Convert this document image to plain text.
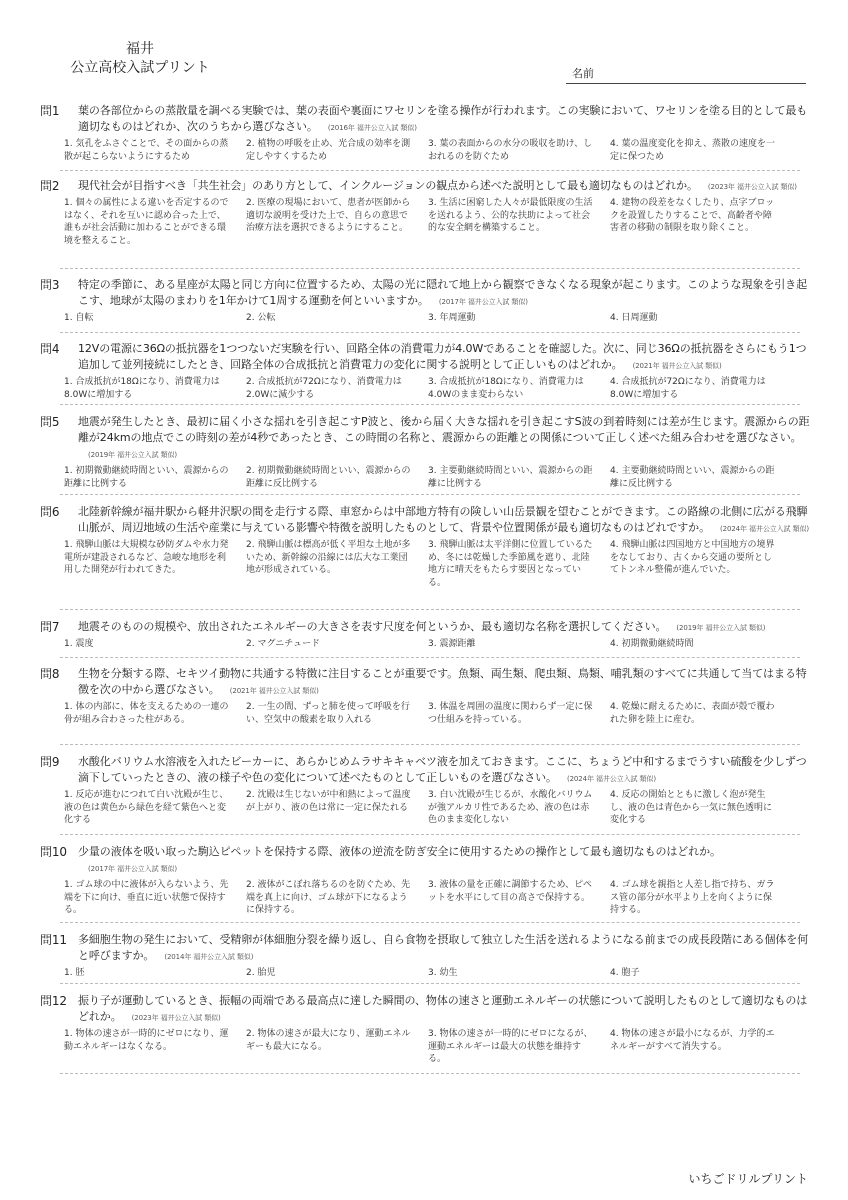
福井
公立高校入試プリント	名前
問1 葉の各部位からの蒸散量を調べる実験では、葉の表面や裏面にワセリンを塗る操作が行われます。この実験において、ワセリンを塗る目的として最も適切なものはどれか、次のうちから選びなさい。 (2016年 福井公立入試 類似)
1. 気孔をふさぐことで、その面からの蒸散が起こらないようにするため
2. 植物の呼吸を止め、光合成の効率を測定しやすくするため
3. 葉の表面からの水分の吸収を助け、しおれるのを防ぐため
4. 葉の温度変化を抑え、蒸散の速度を一定に保つため
問2 現代社会が目指すべき「共生社会」のあり方として、インクルージョンの観点から述べた説明として最も適切なものはどれか。 (2023年 福井公立入試 類似)
1. 個々の属性による違いを否定するのではなく、それを互いに認め合った上で、誰もが社会活動に加わることができる環境を整えること。
2. 医療の現場において、患者が医師から適切な説明を受けた上で、自らの意思で治療方法を選択できるようにすること。
3. 生活に困窮した人々が最低限度の生活を送れるよう、公的な扶助によって社会的な安全網を構築すること。
4. 建物の段差をなくしたり、点字ブロックを設置したりすることで、高齢者や障害者の移動の制限を取り除くこと。
問3 特定の季節に、ある星座が太陽と同じ方向に位置するため、太陽の光に隠れて地上から観察できなくなる現象が起こります。このような現象を引き起こす、地球が太陽のまわりを1年かけて1周する運動を何といいますか。 (2017年 福井公立入試 類似)
1. 自転	2. 公転	3. 年周運動	4. 日周運動
問4 12Vの電源に36Ωの抵抗器を1つつないだ実験を行い、回路全体の消費電力が4.0Wであることを確認した。次に、同じ36Ωの抵抗器をさらにもう1つ追加して並列接続にしたとき、回路全体の合成抵抗と消費電力の変化に関する説明として正しいものはどれか。 (2021年 福井公立入試 類似)
1. 合成抵抗が18Ωになり、消費電力は8.0Wに増加する
2. 合成抵抗が72Ωになり、消費電力は2.0Wに減少する
3. 合成抵抗が18Ωになり、消費電力は4.0Wのまま変わらない
4. 合成抵抗が72Ωになり、消費電力は8.0Wに増加する
問5 地震が発生したとき、最初に届く小さな揺れを引き起こすP波と、後から届く大きな揺れを引き起こすS波の到着時刻には差が生じます。震源からの距離が24kmの地点でこの時刻の差が4秒であったとき、この時間の名称と、震源からの距離との関係について正しく述べた組み合わせを選びなさい。(2019年 福井公立入試 類似)
1. 初期微動継続時間といい、震源からの距離に比例する
2. 初期微動継続時間といい、震源からの距離に反比例する
3. 主要動継続時間といい、震源からの距離に比例する
4. 主要動継続時間といい、震源からの距離に反比例する
問6 北陸新幹線が福井駅から軽井沢駅の間を走行する際、車窓からは中部地方特有の険しい山岳景観を望むことができます。この路線の北側に広がる飛騨山脈が、周辺地域の生活や産業に与えている影響や特徴を説明したものとして、背景や位置関係が最も適切なものはどれですか。 (2024年 福井公立入試 類似)
1. 飛騨山脈は大規模な砂防ダムや水力発電所が建設されるなど、急峻な地形を利用した開発が行われてきた。
2. 飛騨山脈は標高が低く平坦な土地が多いため、新幹線の沿線には広大な工業団地が形成されている。
3. 飛騨山脈は太平洋側に位置しているため、冬には乾燥した季節風を遮り、北陸地方に晴天をもたらす要因となっている。
4. 飛騨山脈は四国地方と中国地方の境界をなしており、古くから交通の要所としてトンネル整備が進んでいた。
問7 地震そのものの規模や、放出されたエネルギーの大きさを表す尺度を何というか、最も適切な名称を選択してください。 (2019年 福井公立入試 類似)
1. 震度	2. マグニチュード	3. 震源距離	4. 初期微動継続時間
問8 生物を分類する際、セキツイ動物に共通する特徴に注目することが重要です。魚類、両生類、爬虫類、鳥類、哺乳類のすべてに共通して当てはまる特徴を次の中から選びなさい。 (2021年 福井公立入試 類似)
1. 体の内部に、体を支えるための一連の骨が組み合わさった柱がある。
2. 一生の間、ずっと肺を使って呼吸を行い、空気中の酸素を取り入れる
3. 体温を周囲の温度に関わらず一定に保つ仕組みを持っている。
4. 乾燥に耐えるために、表面が殻で覆われた卵を陸上に産む。
問9 水酸化バリウム水溶液を入れたビーカーに、あらかじめムラサキキャベツ液を加えておきます。ここに、ちょうど中和するまでうすい硫酸を少しずつ滴下していったときの、液の様子や色の変化について述べたものとして正しいものを選びなさい。 (2024年 福井公立入試 類似)
1. 反応が進むにつれて白い沈殿が生じ、液の色は黄色から緑色を経て紫色へと変化する
2. 沈殿は生じないが中和熱によって温度が上がり、液の色は常に一定に保たれる
3. 白い沈殿が生じるが、水酸化バリウムが強アルカリ性であるため、液の色は赤色のまま変化しない
4. 反応の開始とともに激しく泡が発生し、液の色は青色から一気に無色透明に変化する
問10 少量の液体を吸い取った駒込ピペットを保持する際、液体の逆流を防ぎ安全に使用するための操作として最も適切なものはどれか。(2017年 福井公立入試 類似)
1. ゴム球の中に液体が入らないよう、先端を下に向け、垂直に近い状態で保持する。
2. 液体がこぼれ落ちるのを防ぐため、先端を真上に向け、ゴム球が下になるように保持する。
3. 液体の量を正確に調節するため、ピペットを水平にして目の高さで保持する。
4. ゴム球を親指と人差し指で持ち、ガラス管の部分が水平より上を向くように保持する。
問11 多細胞生物の発生において、受精卵が体細胞分裂を繰り返し、自ら食物を摂取して独立した生活を送れるようになる前までの成長段階にある個体を何と呼びますか。 (2014年 福井公立入試 類似)
1. 胚	2. 胎児	3. 幼生	4. 胞子
問12 振り子が運動しているとき、振幅の両端である最高点に達した瞬間の、物体の速さと運動エネルギーの状態について説明したものとして適切なものはどれか。 (2023年 福井公立入試 類似)
1. 物体の速さが一時的にゼロになり、運動エネルギーはなくなる。
2. 物体の速さが最大になり、運動エネルギーも最大になる。
3. 物体の速さが一時的にゼロになるが、運動エネルギーは最大の状態を維持する。
4. 物体の速さが最小になるが、力学的エネルギーがすべて消失する。
いちごドリルプリント
